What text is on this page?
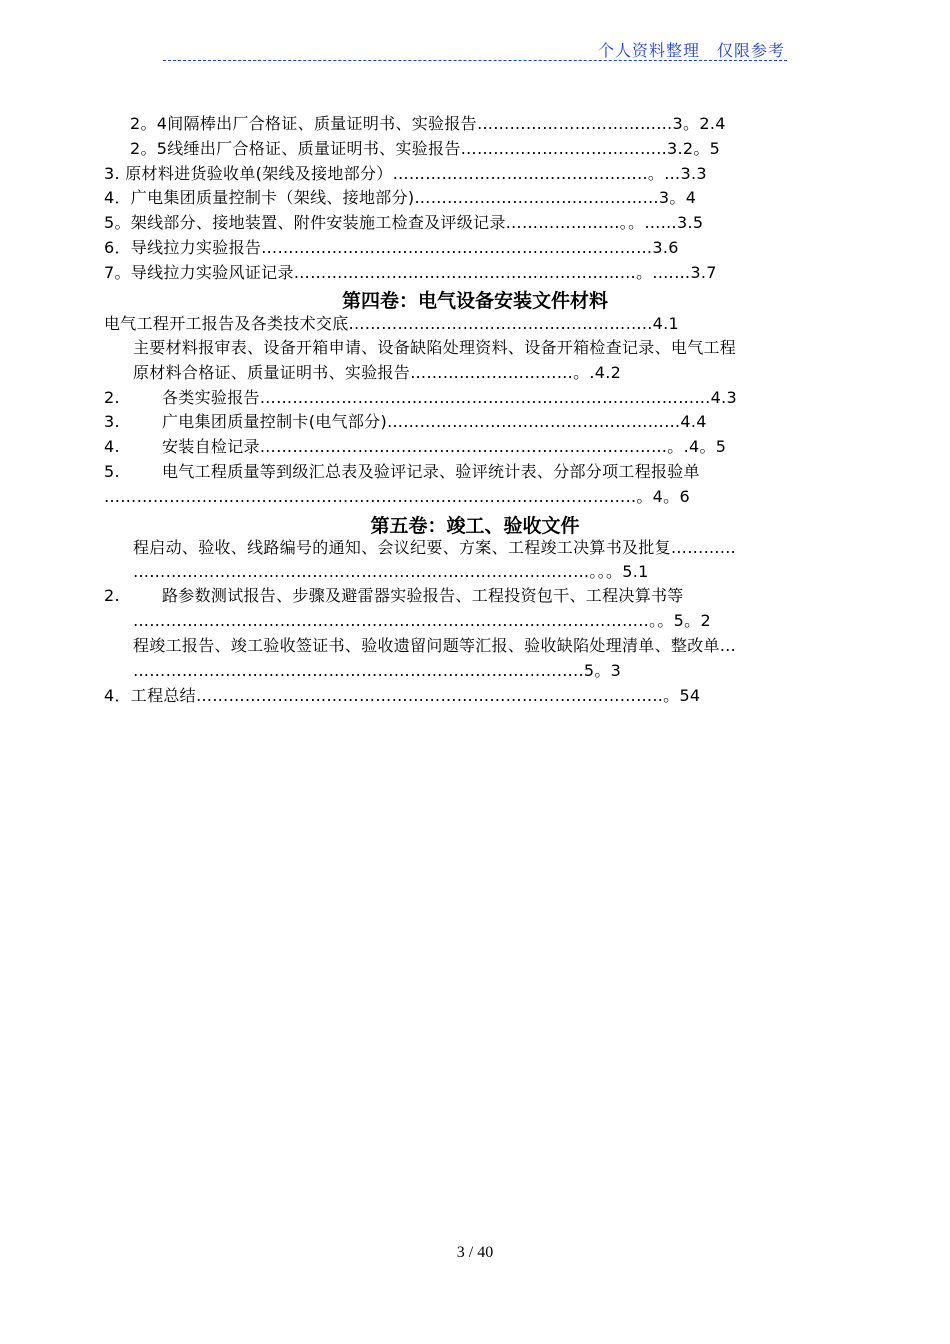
个人资料整理　仅限参考
2。4间隔棒出厂合格证、质量证明书、实验报告………………………………3。2.4
2。5线缍出厂合格证、质量证明书、实验报告………………………………..3.2。5
3. 原材料进货验收单(架线及接地部分）………………………………………..。…3.3
4．广电集团质量控制卡（架线、接地部分)………………………………………3。4
5。架线部分、接地装置、附件安装施工检查及评级记录…………………。。……3.5
6．导线拉力实验报告………………………………………………………………3.6
7。导线拉力实验风证记录………………………………………………………。.……3.7
第四卷：电气设备安装文件材料
电气工程开工报告及各类技术交底………………………………………………..4.1
主要材料报审表、设备开箱申请、设备缺陷处理资料、设备开箱检查记录、电气工程
原材料合格证、质量证明书、实验报告…………………………。.4.2
2.	各类实验报告……………………………………………………………..…………4.3
3.	广电集团质量控制卡(电气部分)………………………………………………4.4
4.	安装自检记录…………………………………………………………………。.4。5
5.	电气工程质量等到级汇总表及验评记录、验评统计表、分部分项工程报验单
……………………………………………………………………………………..。4。6
第五卷：竣工、验收文件
程启动、验收、线路编号的通知、会议纪要、方案、工程竣工决算书及批复…………
…………………………………………………………………………。。。5.1
2.	路参数测试报告、步骤及避雷器实验报告、工程投资包干、工程决算书等
…………………………………………………………………………………..。。5。2
程竣工报告、竣工验收签证书、验收遗留问题等汇报、验收缺陷处理清单、整改单…
………………………………………………………………………..5。3
4．工程总结…………………………………………………………………………..。54
3 / 40
